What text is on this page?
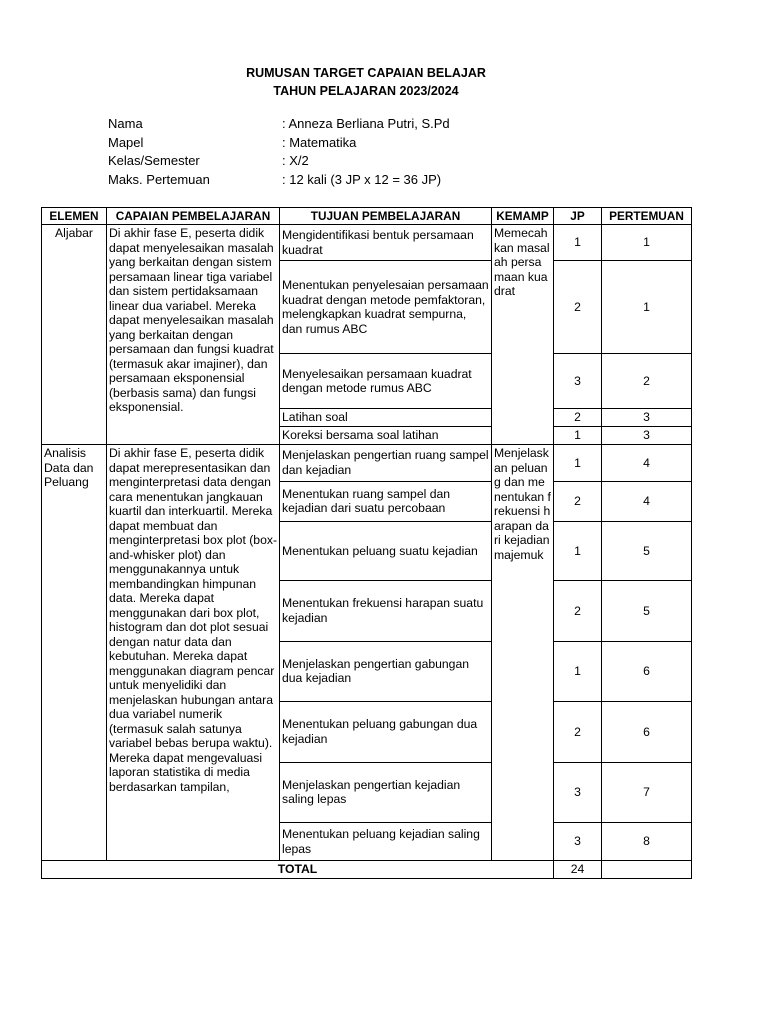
RUMUSAN TARGET CAPAIAN BELAJAR
TAHUN PELAJARAN 2023/2024
Nama	: Anneza Berliana Putri, S.Pd
Mapel	: Matematika
Kelas/Semester	: X/2
Maks. Pertemuan	: 12 kali (3 JP x 12 = 36 JP)
ELEMEN	CAPAIAN PEMBELAJARAN	TUJUAN PEMBELAJARAN	KEMAMP	JP	PERTEMUAN

Aljabar	Di akhir fase E, peserta didik dapat menyelesaikan masalah yang berkaitan dengan sistem persamaan linear tiga variabel dan sistem pertidaksamaan linear dua variabel. Mereka dapat menyelesaikan masalah yang berkaitan dengan persamaan dan fungsi kuadrat (termasuk akar imajiner), dan persamaan eksponensial (berbasis sama) dan fungsi eksponensial.	Mengidentifikasi bentuk persamaan kuadrat	Memecahkan masalah persamaan kuadrat	1	1
		Menentukan penyelesaian persamaan kuadrat dengan metode pemfaktoran, melengkapkan kuadrat sempurna, dan rumus ABC		2	1
		Menyelesaikan persamaan kuadrat dengan metode rumus ABC		3	2
		Latihan soal		2	3
		Koreksi bersama soal latihan		1	3

Analisis Data dan Peluang	Di akhir fase E, peserta didik dapat merepresentasikan dan menginterpretasi data dengan cara menentukan jangkauan kuartil dan interkuartil. Mereka dapat membuat dan menginterpretasi box plot (box-and-whisker plot) dan menggunakannya untuk membandingkan himpunan data. Mereka dapat menggunakan dari box plot, histogram dan dot plot sesuai dengan natur data dan kebutuhan. Mereka dapat menggunakan diagram pencar untuk menyelidiki dan menjelaskan hubungan antara dua variabel numerik (termasuk salah satunya variabel bebas berupa waktu). Mereka dapat mengevaluasi laporan statistika di media berdasarkan tampilan,	Menjelaskan pengertian ruang sampel dan kejadian	Menjelaskan peluang dan menentukan frekuensi harapan dari kejadian majemuk	1	4
		Menentukan ruang sampel dan kejadian dari suatu percobaan		2	4
		Menentukan peluang suatu kejadian		1	5
		Menentukan frekuensi harapan suatu kejadian		2	5
		Menjelaskan pengertian gabungan dua kejadian		1	6
		Menentukan peluang gabungan dua kejadian		2	6
		Menjelaskan pengertian kejadian saling lepas		3	7
		Menentukan peluang kejadian saling lepas		3	8
TOTAL				24	
